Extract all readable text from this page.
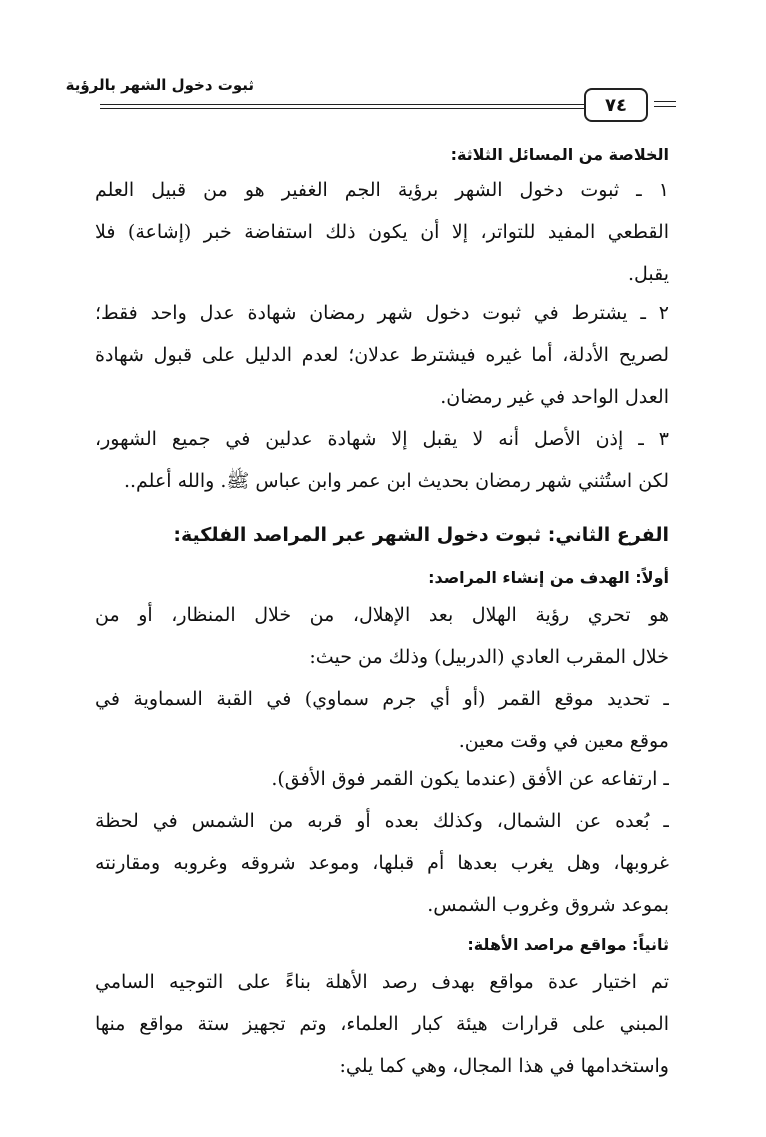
ثبوت دخول الشهر بالرؤية
٧٤
الخلاصة من المسائل الثلاثة:
١ ـ ثبوت دخول الشهر برؤية الجم الغفير هو من قبيل العلم
القطعي المفيد للتواتر، إلا أن يكون ذلك استفاضة خبر (إشاعة) فلا
يقبل.
٢ ـ يشترط في ثبوت دخول شهر رمضان شهادة عدل واحد فقط؛
لصريح الأدلة، أما غيره فيشترط عدلان؛ لعدم الدليل على قبول شهادة
العدل الواحد في غير رمضان.
٣ ـ إذن الأصل أنه لا يقبل إلا شهادة عدلين في جميع الشهور،
لكن استُثني شهر رمضان بحديث ابن عمر وابن عباس ﷺ. والله أعلم..
الفرع الثاني: ثبوت دخول الشهر عبر المراصد الفلكية:
أولاً: الهدف من إنشاء المراصد:
هو تحري رؤية الهلال بعد الإهلال، من خلال المنظار، أو من
خلال المقرب العادي (الدربيل) وذلك من حيث:
ـ تحديد موقع القمر (أو أي جرم سماوي) في القبة السماوية في
موقع معين في وقت معين.
ـ ارتفاعه عن الأفق (عندما يكون القمر فوق الأفق).
ـ بُعده عن الشمال، وكذلك بعده أو قربه من الشمس في لحظة
غروبها، وهل يغرب بعدها أم قبلها، وموعد شروقه وغروبه ومقارنته
بموعد شروق وغروب الشمس.
ثانياً: مواقع مراصد الأهلة:
تم اختيار عدة مواقع بهدف رصد الأهلة بناءً على التوجيه السامي
المبني على قرارات هيئة كبار العلماء، وتم تجهيز ستة مواقع منها
واستخدامها في هذا المجال، وهي كما يلي:
